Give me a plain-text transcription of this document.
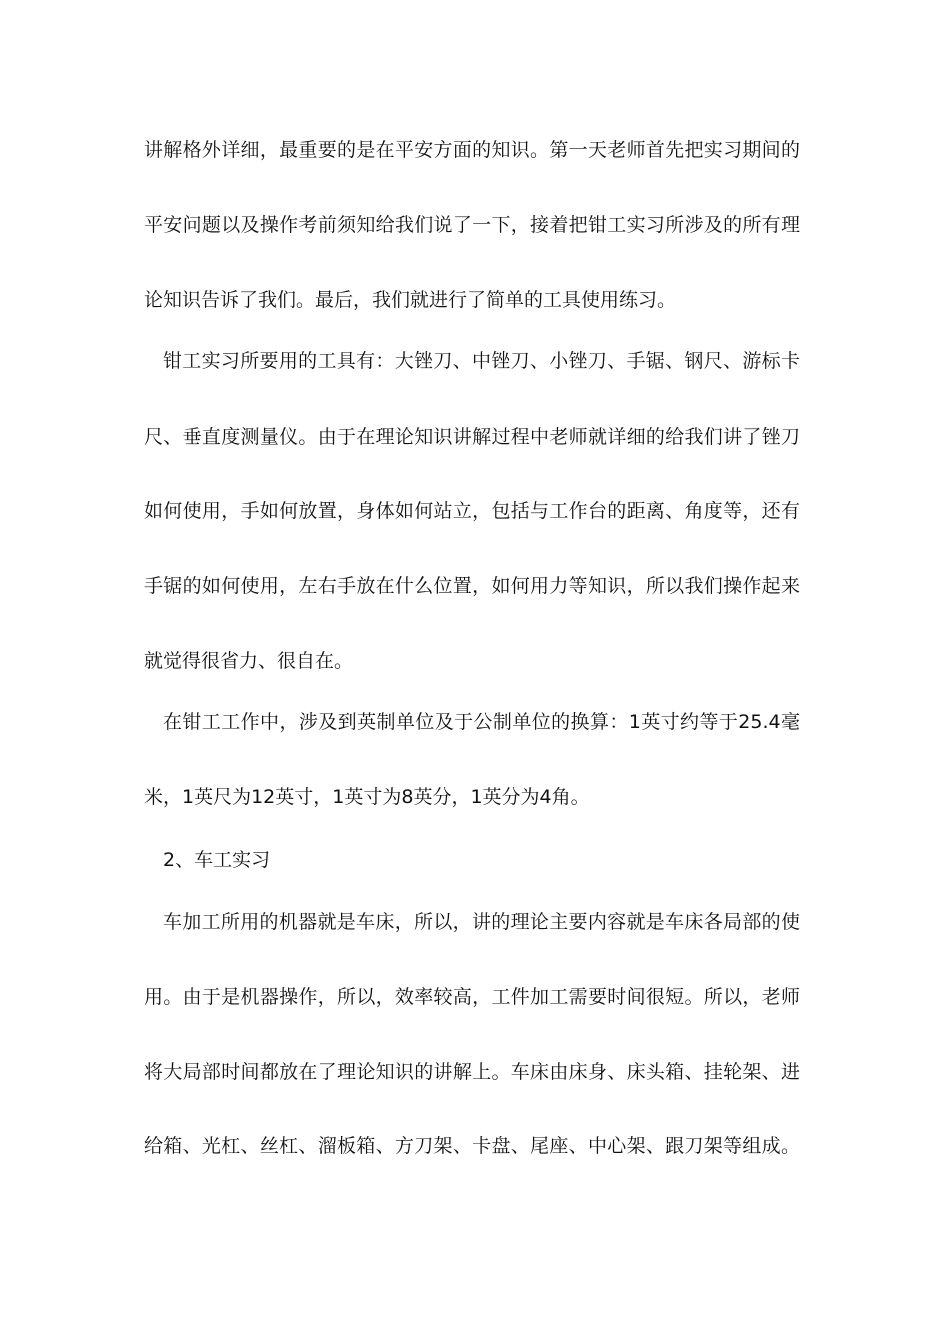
讲解格外详细，最重要的是在平安方面的知识。第一天老师首先把实习期间的
平安问题以及操作考前须知给我们说了一下，接着把钳工实习所涉及的所有理
论知识告诉了我们。最后，我们就进行了简单的工具使用练习。
钳工实习所要用的工具有：大锉刀、中锉刀、小锉刀、手锯、钢尺、游标卡
尺、垂直度测量仪。由于在理论知识讲解过程中老师就详细的给我们讲了锉刀
如何使用，手如何放置，身体如何站立，包括与工作台的距离、角度等，还有
手锯的如何使用，左右手放在什么位置，如何用力等知识，所以我们操作起来
就觉得很省力、很自在。
在钳工工作中，涉及到英制单位及于公制单位的换算：1英寸约等于25.4毫
米，1英尺为12英寸，1英寸为8英分，1英分为4角。
2、车工实习
车加工所用的机器就是车床，所以，讲的理论主要内容就是车床各局部的使
用。由于是机器操作，所以，效率较高，工件加工需要时间很短。所以，老师
将大局部时间都放在了理论知识的讲解上。车床由床身、床头箱、挂轮架、进
给箱、光杠、丝杠、溜板箱、方刀架、卡盘、尾座、中心架、跟刀架等组成。
